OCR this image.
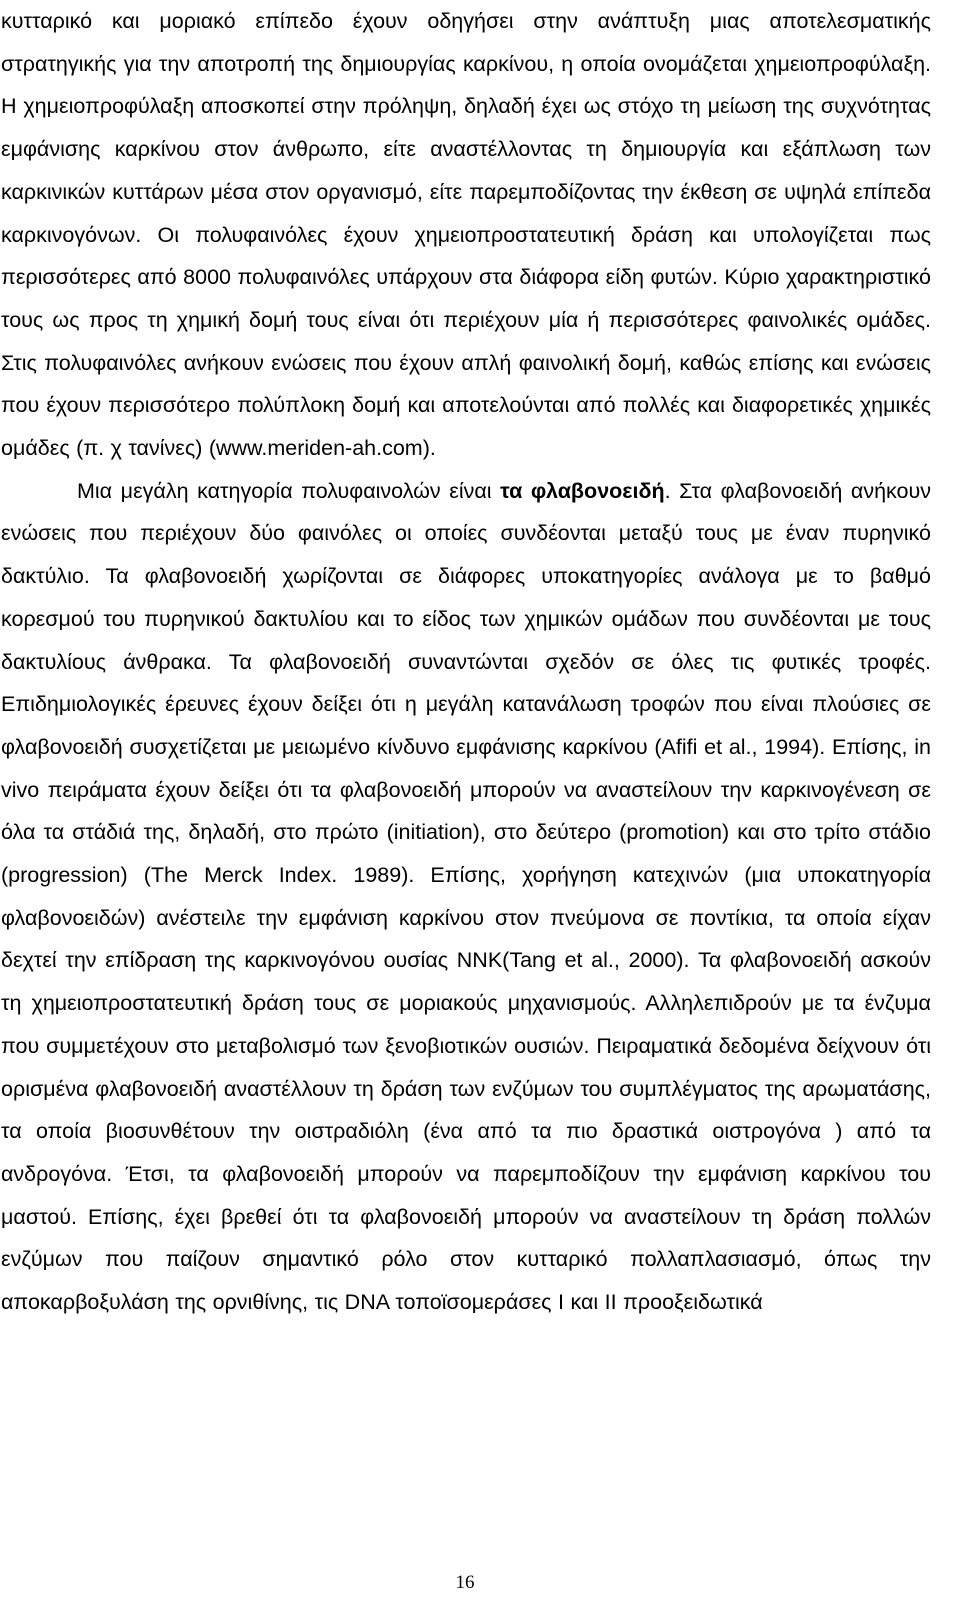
κυτταρικό και μοριακό επίπεδο έχουν οδηγήσει στην ανάπτυξη μιας αποτελεσματικής στρατηγικής για την αποτροπή της δημιουργίας καρκίνου, η οποία ονομάζεται χημειοπροφύλαξη. Η χημειοπροφύλαξη αποσκοπεί στην πρόληψη, δηλαδή έχει ως στόχο τη μείωση της συχνότητας εμφάνισης καρκίνου στον άνθρωπο, είτε αναστέλλοντας τη δημιουργία και εξάπλωση των καρκινικών κυττάρων μέσα στον οργανισμό, είτε παρεμποδίζοντας την έκθεση σε υψηλά επίπεδα καρκινογόνων. Οι πολυφαινόλες έχουν χημειοπροστατευτική δράση και υπολογίζεται πως περισσότερες από 8000 πολυφαινόλες υπάρχουν στα διάφορα είδη φυτών. Κύριο χαρακτηριστικό τους ως προς τη χημική δομή τους είναι ότι περιέχουν μία ή περισσότερες φαινολικές ομάδες. Στις πολυφαινόλες ανήκουν ενώσεις που έχουν απλή φαινολική δομή, καθώς επίσης και ενώσεις που έχουν περισσότερο πολύπλοκη δομή και αποτελούνται από πολλές και διαφορετικές χημικές ομάδες (π. χ τανίνες) (www.meriden-ah.com).

Μια μεγάλη κατηγορία πολυφαινολών είναι τα φλαβονοειδή. Στα φλαβονοειδή ανήκουν ενώσεις που περιέχουν δύο φαινόλες οι οποίες συνδέονται μεταξύ τους με έναν πυρηνικό δακτύλιο. Τα φλαβονοειδή χωρίζονται σε διάφορες υποκατηγορίες ανάλογα με το βαθμό κορεσμού του πυρηνικού δακτυλίου και το είδος των χημικών ομάδων που συνδέονται με τους δακτυλίους άνθρακα. Τα φλαβονοειδή συναντώνται σχεδόν σε όλες τις φυτικές τροφές. Επιδημιολογικές έρευνες έχουν δείξει ότι η μεγάλη κατανάλωση τροφών που είναι πλούσιες σε φλαβονοειδή συσχετίζεται με μειωμένο κίνδυνο εμφάνισης καρκίνου (Afifi et al., 1994). Επίσης, in vivo πειράματα έχουν δείξει ότι τα φλαβονοειδή μπορούν να αναστείλουν την καρκινογένεση σε όλα τα στάδιά της, δηλαδή, στο πρώτο (initiation), στο δεύτερο (promotion) και στο τρίτο στάδιο (progression) (The Merck Index. 1989). Επίσης, χορήγηση κατεχινών (μια υποκατηγορία φλαβονοειδών) ανέστειλε την εμφάνιση καρκίνου στον πνεύμονα σε ποντίκια, τα οποία είχαν δεχτεί την επίδραση της καρκινογόνου ουσίας NNK(Tang et al., 2000). Τα φλαβονοειδή ασκούν τη χημειοπροστατευτική δράση τους σε μοριακούς μηχανισμούς. Αλληλεπιδρούν με τα ένζυμα που συμμετέχουν στο μεταβολισμό των ξενοβιοτικών ουσιών. Πειραματικά δεδομένα δείχνουν ότι ορισμένα φλαβονοειδή αναστέλλουν τη δράση των ενζύμων του συμπλέγματος της αρωματάσης, τα οποία βιοσυνθέτουν την οιστραδιόλη (ένα από τα πιο δραστικά οιστρογόνα ) από τα ανδρογόνα. Έτσι, τα φλαβονοειδή μπορούν να παρεμποδίζουν την εμφάνιση καρκίνου του μαστού. Επίσης, έχει βρεθεί ότι τα φλαβονοειδή μπορούν να αναστείλουν τη δράση πολλών ενζύμων που παίζουν σημαντικό ρόλο στον κυτταρικό πολλαπλασιασμό, όπως την αποκαρβοξυλάση της ορνιθίνης, τις DNA τοποϊσομεράσες Ι και ΙΙ προοξειδωτικά

16
